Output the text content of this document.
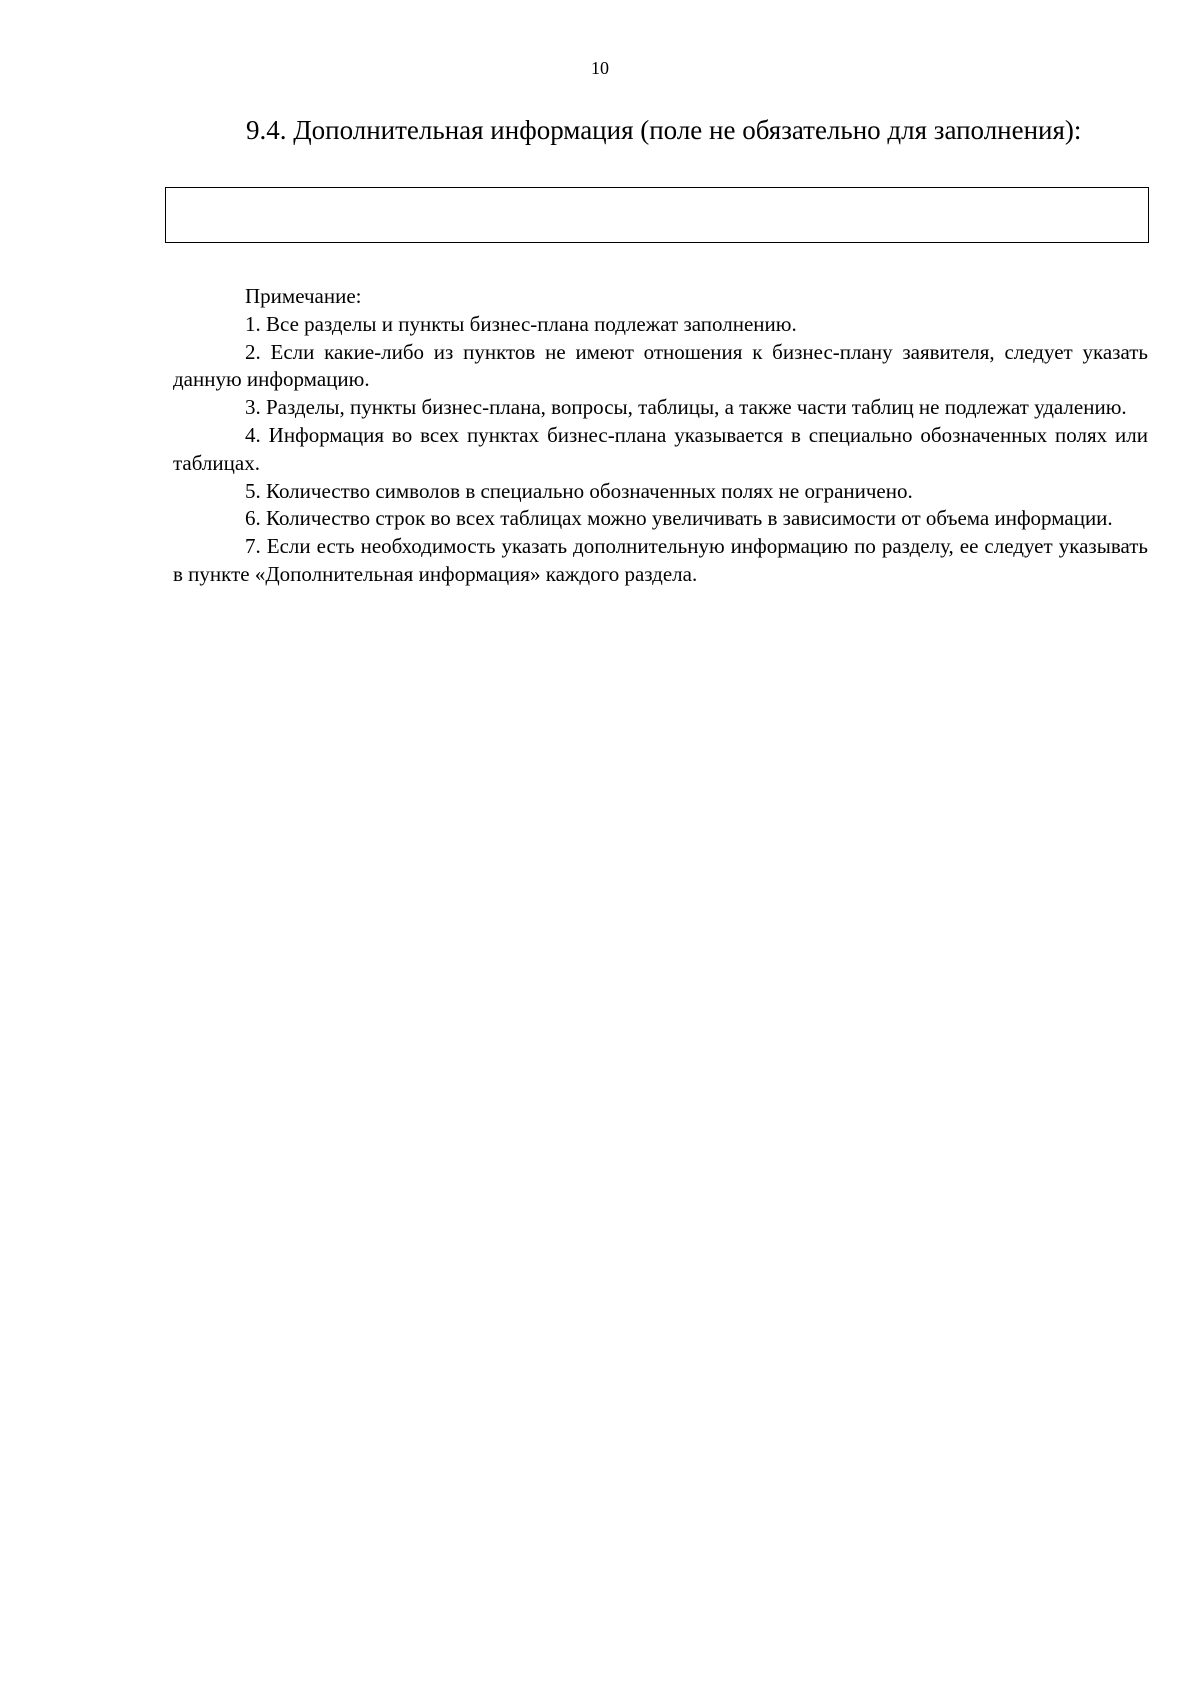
10
9.4. Дополнительная информация (поле не обязательно для заполнения):

Примечание:

1. Все разделы и пункты бизнес-плана подлежат заполнению.

2. Если какие-либо из пунктов не имеют отношения к бизнес-плану заявителя, следует указать данную информацию.

3. Разделы, пункты бизнес-плана, вопросы, таблицы, а также части таблиц не подлежат удалению.

4. Информация во всех пунктах бизнес-плана указывается в специально обозначенных полях или таблицах.

5. Количество символов в специально обозначенных полях не ограничено.

6. Количество строк во всех таблицах можно увеличивать в зависимости от объема информации.

7. Если есть необходимость указать дополнительную информацию по разделу, ее следует указывать в пункте «Дополнительная информация» каждого раздела.
